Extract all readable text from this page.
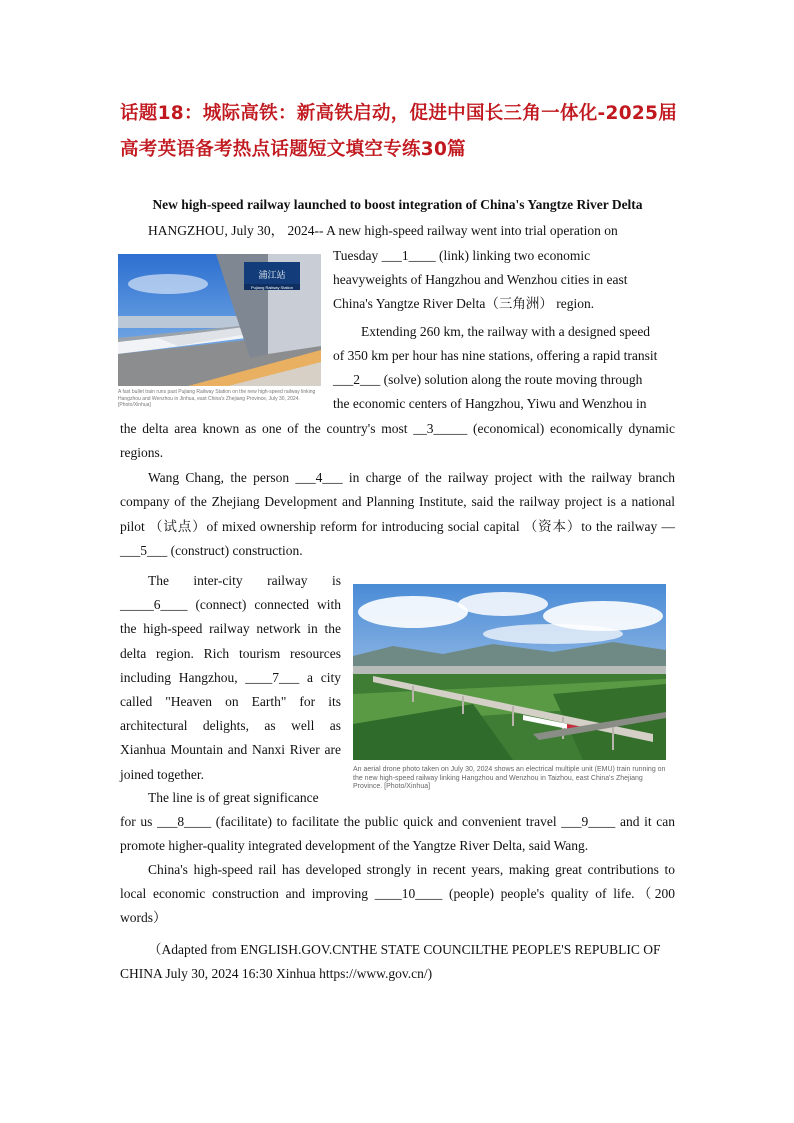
话题18：城际高铁：新高铁启动，促进中国长三角一体化-2025届高考英语备考热点话题短文填空专练30篇
New high-speed railway launched to boost integration of China's Yangtze River Delta
HANGZHOU, July 30， 2024-- A new high-speed railway went into trial operation on
浦江站
Pujiang Railway Station
A fast bullet train runs past Pujiang Railway Station on the new high-speed railway linking Hangzhou and Wenzhou in Jinhua, east China's Zhejiang Province, July 30, 2024. [Photo/Xinhua]
Tuesday ___1____ (link) linking two economic
heavyweights of Hangzhou and Wenzhou cities in east
China's Yangtze River Delta（三角洲） region.
Extending 260 km, the railway with a designed speed
of 350 km per hour has nine stations, offering a rapid transit
___2___ (solve) solution along the route moving through
the economic centers of Hangzhou, Yiwu and Wenzhou in
the delta area known as one of the country's most __3_____ (economical) economically dynamic regions.
Wang Chang, the person ___4___ in charge of the railway project with the railway branch company of the Zhejiang Development and Planning Institute, said the railway project is a national pilot （试点）of mixed ownership reform for introducing social capital （资本）to the railway —___5___ (construct) construction.
An aerial drone photo taken on July 30, 2024 shows an electrical multiple unit (EMU) train running on the new high-speed railway linking Hangzhou and Wenzhou in Taizhou, east China's Zhejiang Province. [Photo/Xinhua]
The inter-city railway is _____6____ (connect) connected with the high-speed railway network in the delta region. Rich tourism resources including Hangzhou, ____7___ a city called "Heaven on Earth" for its architectural delights, as well as Xianhua Mountain and Nanxi River are joined together.
The line is of great significance
for us ___8____ (facilitate) to facilitate the public quick and convenient travel ___9____ and it can promote higher-quality integrated development of the Yangtze River Delta, said Wang.
China's high-speed rail has developed strongly in recent years, making great contributions to local economic construction and improving ____10____ (people) people's quality of life.（200 words）
（Adapted from ENGLISH.GOV.CNTHE STATE COUNCILTHE PEOPLE'S REPUBLIC OF CHINA July 30, 2024 16:30 Xinhua https://www.gov.cn/)
